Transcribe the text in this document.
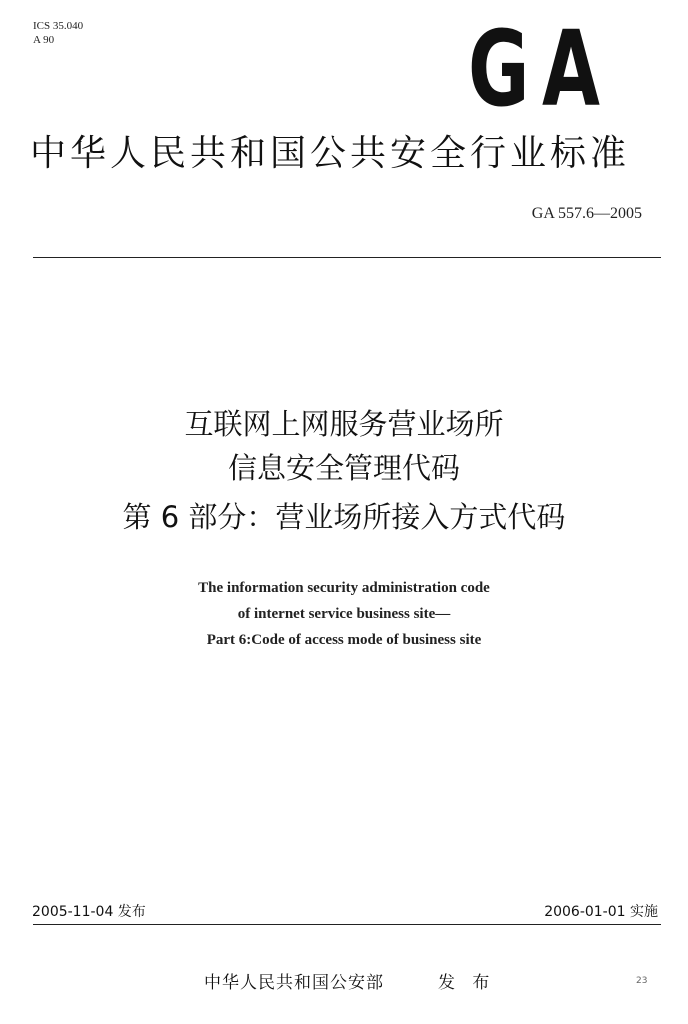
ICS 35.040
A 90	G A
中华人民共和国公共安全行业标准
GA 557.6—2005
互联网上网服务营业场所
信息安全管理代码
第 6 部分：营业场所接入方式代码
The information security administration code
of internet service business site—
Part 6:Code of access mode of business site
2005-11-04 发布	2006-01-01 实施
中华人民共和国公安部	发 布	23
